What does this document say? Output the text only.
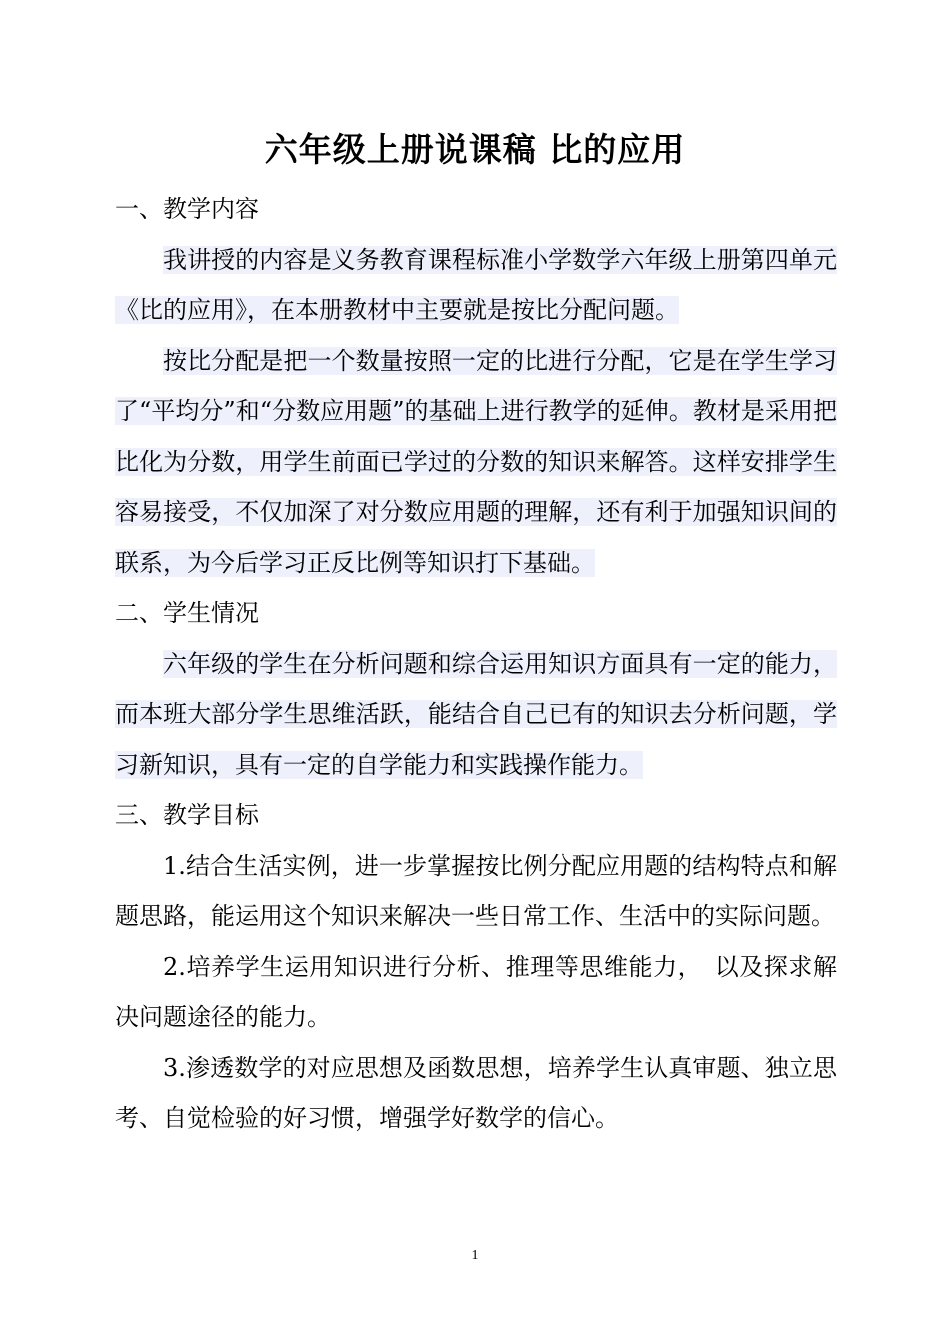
六年级上册说课稿 比的应用
一、教学内容

我讲授的内容是义务教育课程标准小学数学六年级上册第四单元《比的应用》，在本册教材中主要就是按比分配问题。

按比分配是把一个数量按照一定的比进行分配，它是在学生学习了“平均分”和“分数应用题”的基础上进行教学的延伸。教材是采用把比化为分数，用学生前面已学过的分数的知识来解答。这样安排学生容易接受，不仅加深了对分数应用题的理解，还有利于加强知识间的联系，为今后学习正反比例等知识打下基础。

二、学生情况

六年级的学生在分析问题和综合运用知识方面具有一定的能力，而本班大部分学生思维活跃，能结合自己已有的知识去分析问题，学习新知识，具有一定的自学能力和实践操作能力。

三、教学目标

1.结合生活实例，进一步掌握按比例分配应用题的结构特点和解题思路，能运用这个知识来解决一些日常工作、生活中的实际问题。

2.培养学生运用知识进行分析、推理等思维能力，　以及探求解决问题途径的能力。

3.渗透数学的对应思想及函数思想，培养学生认真审题、独立思考、自觉检验的好习惯，增强学好数学的信心。

1
